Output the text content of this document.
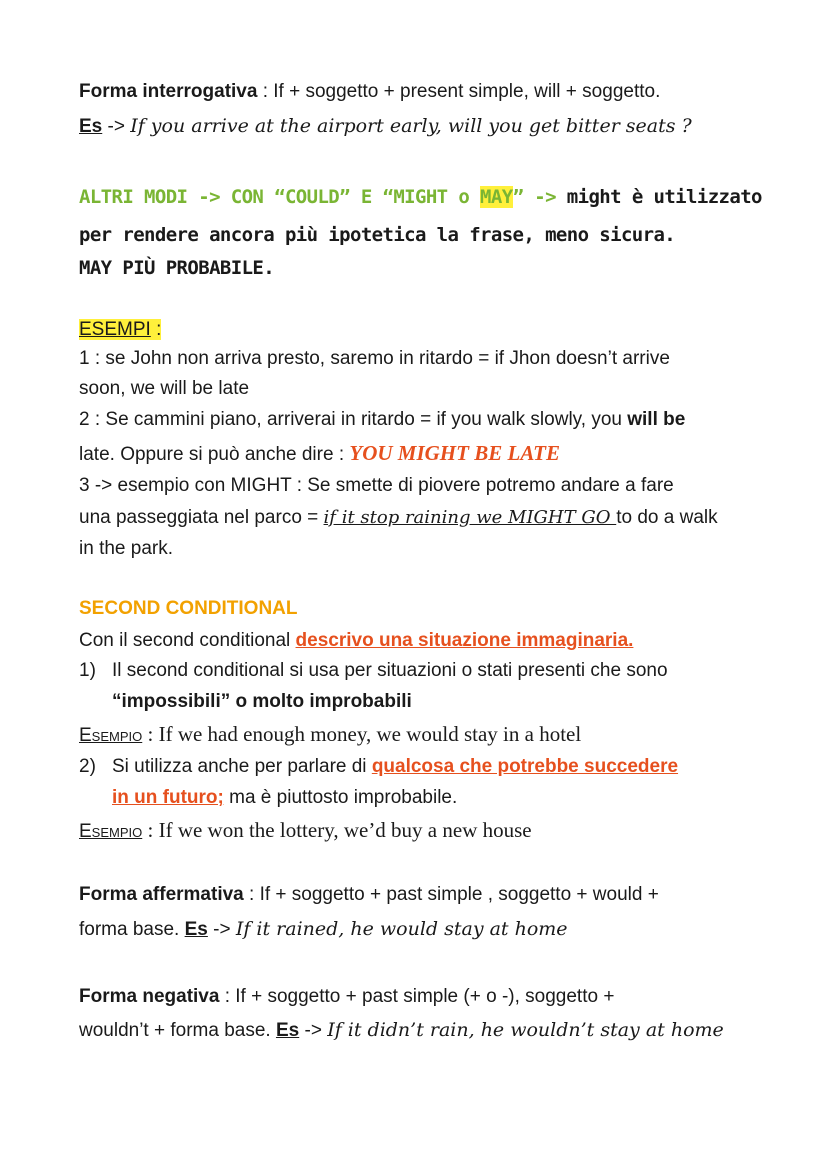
Forma interrogativa : If + soggetto + present simple, will + soggetto.
Es -> If you arrive at the airport early, will you get bitter seats ?
ALTRI MODI -> CON “COULD” E “MIGHT o MAY” -> might è utilizzato
per rendere ancora più ipotetica la frase, meno sicura.
MAY PIÙ PROBABILE.
ESEMPI :
1 : se John non arriva presto, saremo in ritardo = if Jhon doesn’t arrive
soon, we will be late
2 : Se cammini piano, arriverai in ritardo = if you walk slowly, you will be
late. Oppure si può anche dire : YOU MIGHT BE LATE
3 -> esempio con MIGHT : Se smette di piovere potremo andare a fare
una passeggiata nel parco = if it stop raining we MIGHT GO to do a walk
in the park.
SECOND CONDITIONAL
Con il second conditional descrivo una situazione immaginaria.
1) Il second conditional si usa per situazioni o stati presenti che sono
“impossibili” o molto improbabili
Esempio : If we had enough money, we would stay in a hotel
2) Si utilizza anche per parlare di qualcosa che potrebbe succedere
in un futuro; ma è piuttosto improbabile.
Esempio : If we won the lottery, we’d buy a new house
Forma affermativa : If + soggetto + past simple , soggetto + would +
forma base. Es -> If it rained, he would stay at home
Forma negativa : If + soggetto + past simple (+ o -), soggetto +
wouldn’t + forma base. Es -> If it didn’t rain, he wouldn’t stay at home
